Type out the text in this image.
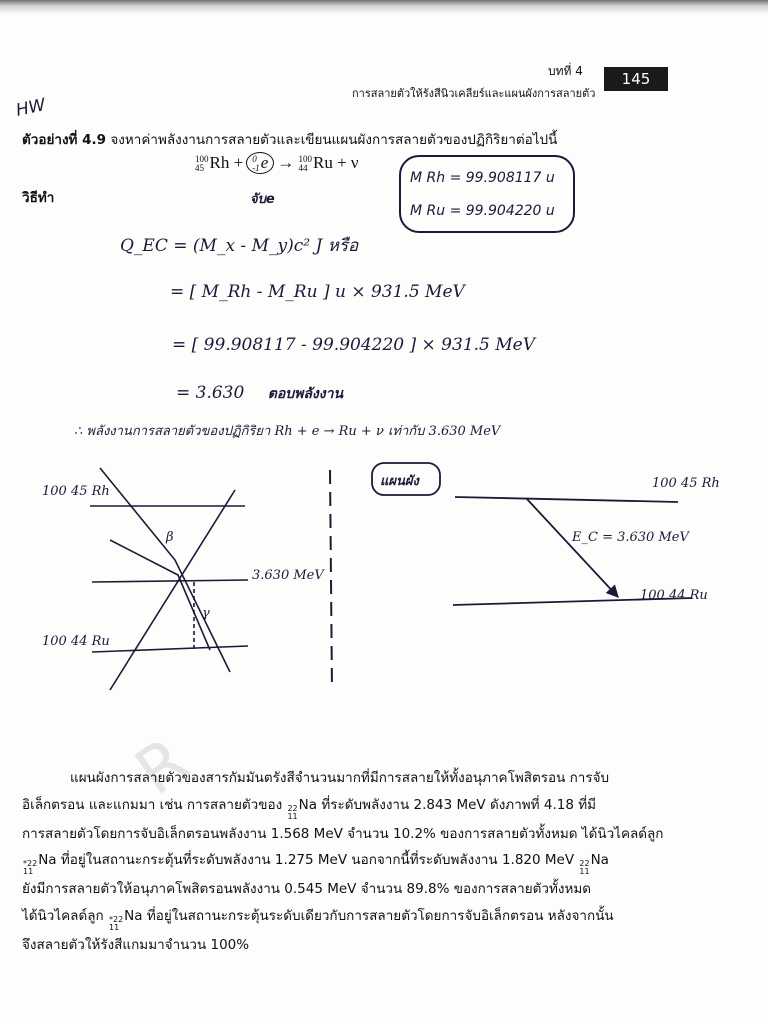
บทที่ 4
การสลายตัวให้รังสีนิวเคลียร์และแผนผังการสลายตัว
145
HW
ตัวอย่างที่ 4.9 จงหาค่าพลังงานการสลายตัวและเขียนแผนผังการสลายตัวของปฏิกิริยาต่อไปนี้
100
45 Rh + 0
-1 e → 100
44 Ru + ν
จับe
วิธีทำ
M Rh = 99.908117 u
M Ru = 99.904220 u
Q_EC = (M_x - M_y)c² J หรือ
= [ M_Rh - M_Ru ] u × 931.5 MeV
= [ 99.908117 - 99.904220 ] × 931.5 MeV
= 3.630 ตอบพลังงาน
∴ พลังงานการสลายตัวของปฏิกิริยา Rh + e → Ru + ν เท่ากับ 3.630 MeV
100 45 Rh
100 44 Ru
3.630 MeV
β
γ
แผนผัง	100 45 Rh
100 44 Ru
E_C = 3.630 MeV
R

แผนผังการสลายตัวของสารกัมมันตรังสีจำนวนมากที่มีการสลายให้ทั้งอนุภาคโพสิตรอน การจับ

อิเล็กตรอน และแกมมา เช่น การสลายตัวของ 22
11
Na ที่ระดับพลังงาน 2.843 MeV ดังภาพที่ 4.18 ที่มี

การสลายตัวโดยการจับอิเล็กตรอนพลังงาน 1.568 MeV จำนวน 10.2% ของการสลายตัวทั้งหมด ได้นิวไคลด์ลูก

*22
11
Na ที่อยู่ในสถานะกระตุ้นที่ระดับพลังงาน 1.275 MeV นอกจากนี้ที่ระดับพลังงาน 1.820 MeV 22
11
Na

ยังมีการสลายตัวให้อนุภาคโพสิตรอนพลังงาน 0.545 MeV จำนวน 89.8% ของการสลายตัวทั้งหมด

ได้นิวไคลด์ลูก *22
11
Na ที่อยู่ในสถานะกระตุ้นระดับเดียวกับการสลายตัวโดยการจับอิเล็กตรอน หลังจากนั้น

จึงสลายตัวให้รังสีแกมมาจำนวน 100%
